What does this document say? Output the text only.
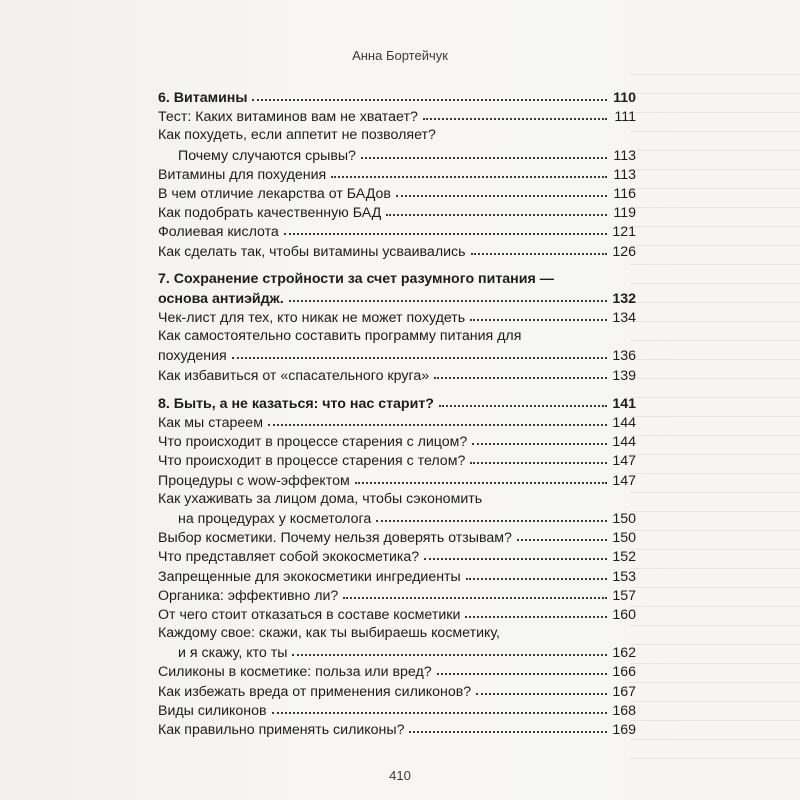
Анна Бортейчук
6. Витамины	110
Тест: Каких витаминов вам не хватает?	111
Как похудеть, если аппетит не позволяет?
Почему случаются срывы?	113
Витамины для похудения	113
В чем отличие лекарства от БАДов	116
Как подобрать качественную БАД	119
Фолиевая кислота	121
Как сделать так, чтобы витамины усваивались	126
7. Сохранение стройности за счет разумного питания —
основа антиэйдж.	132
Чек-лист для тех, кто никак не может похудеть	134
Как самостоятельно составить программу питания для
похудения	136
Как избавиться от «спасательного круга»	139
8. Быть, а не казаться: что нас старит?	141
Как мы стареем	144
Что происходит в процессе старения с лицом?	144
Что происходит в процессе старения с телом?	147
Процедуры с wow-эффектом	147
Как ухаживать за лицом дома, чтобы сэкономить
на процедурах у косметолога	150
Выбор косметики. Почему нельзя доверять отзывам?	150
Что представляет собой экокосметика?	152
Запрещенные для экокосметики ингредиенты	153
Органика: эффективно ли?	157
От чего стоит отказаться в составе косметики	160
Каждому свое: скажи, как ты выбираешь косметику,
и я скажу, кто ты	162
Силиконы в косметике: польза или вред?	166
Как избежать вреда от применения силиконов?	167
Виды силиконов	168
Как правильно применять силиконы?	169
410
